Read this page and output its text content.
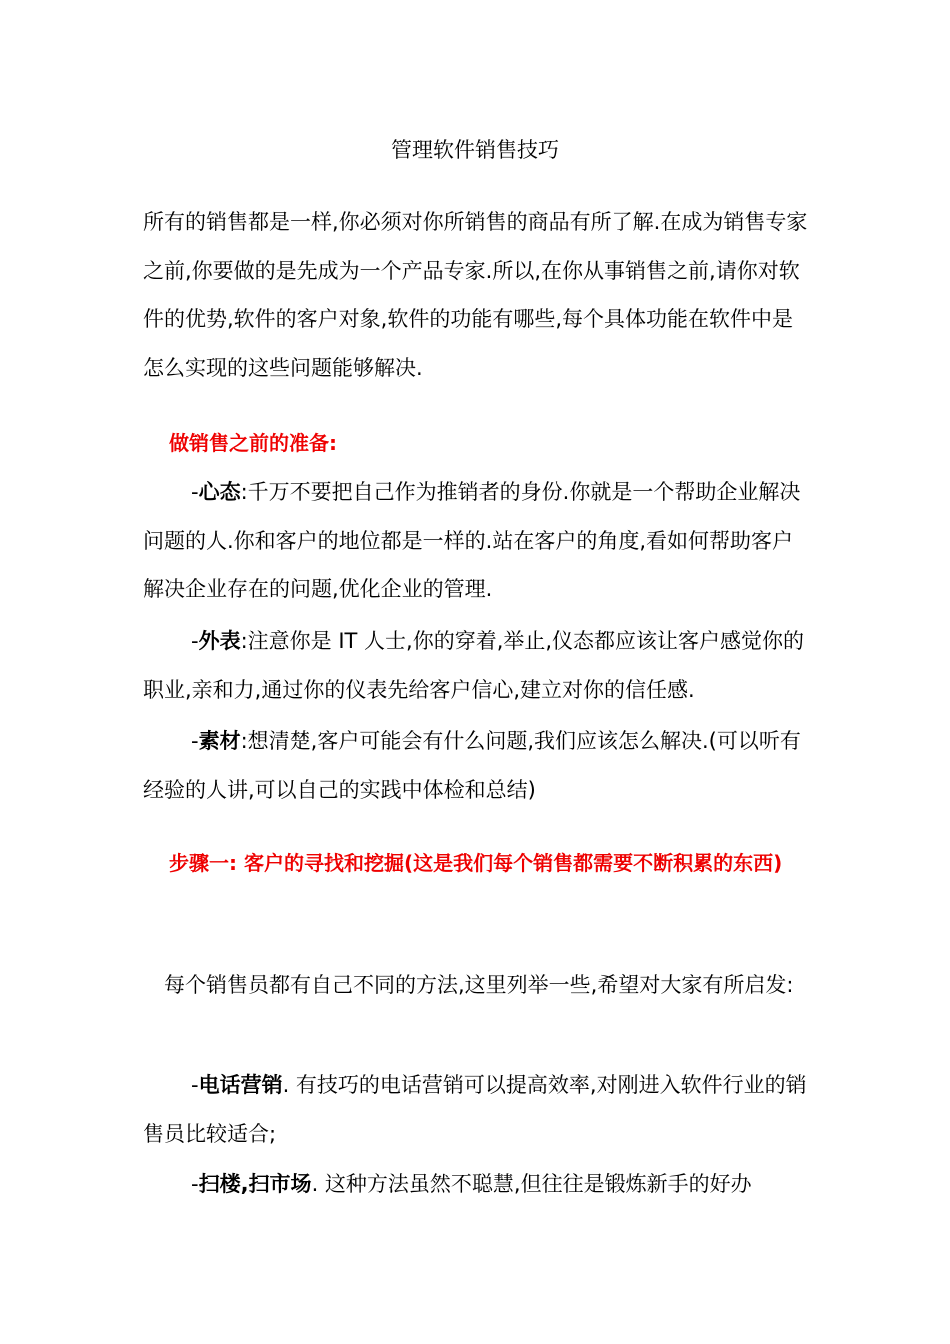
管理软件销售技巧
所有的销售都是一样,你必须对你所销售的商品有所了解.在成为销售专家之前,你要做的是先成为一个产品专家.所以,在你从事销售之前,请你对软件的优势,软件的客户对象,软件的功能有哪些,每个具体功能在软件中是怎么实现的这些问题能够解决.
做销售之前的准备:
-心态:千万不要把自己作为推销者的身份.你就是一个帮助企业解决问题的人.你和客户的地位都是一样的.站在客户的角度,看如何帮助客户解决企业存在的问题,优化企业的管理.
-外表:注意你是 IT 人士,你的穿着,举止,仪态都应该让客户感觉你的职业,亲和力,通过你的仪表先给客户信心,建立对你的信任感.
-素材:想清楚,客户可能会有什么问题,我们应该怎么解决.(可以听有经验的人讲,可以自己的实践中体检和总结)
步骤一: 客户的寻找和挖掘(这是我们每个销售都需要不断积累的东西)
每个销售员都有自己不同的方法,这里列举一些,希望对大家有所启发:
-电话营销. 有技巧的电话营销可以提高效率,对刚进入软件行业的销售员比较适合;
-扫楼,扫市场. 这种方法虽然不聪慧,但往往是锻炼新手的好办
